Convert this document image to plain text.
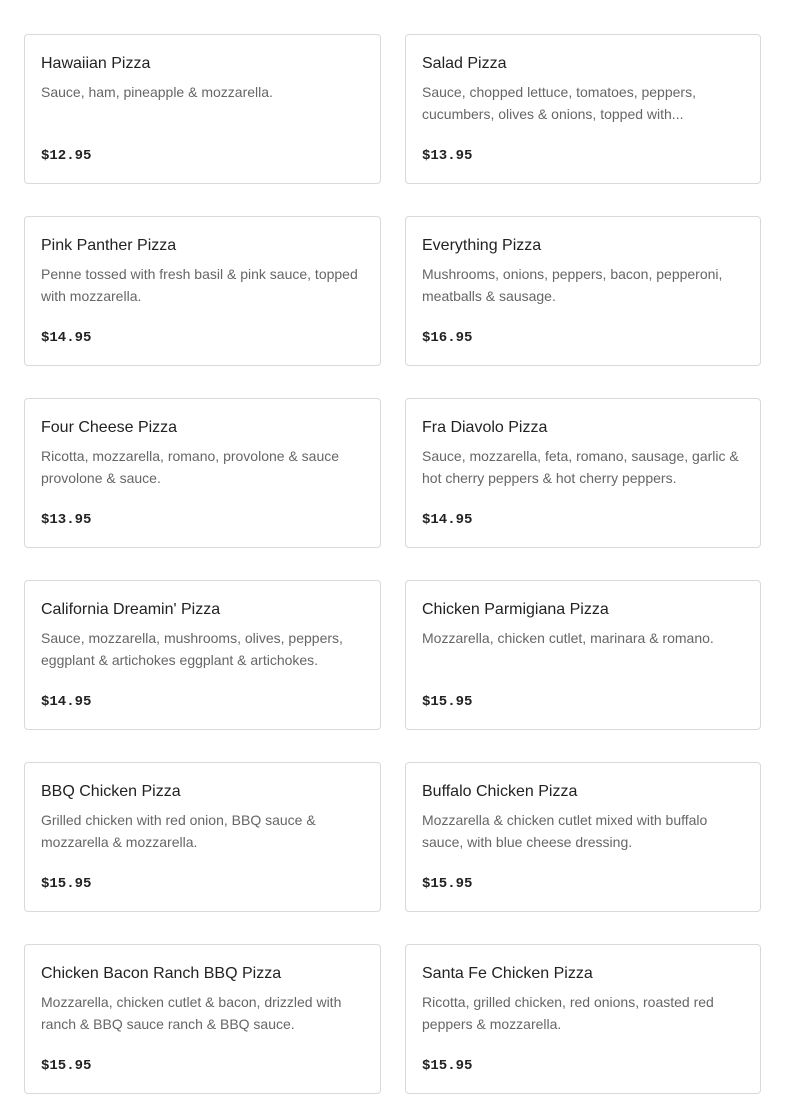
Hawaiian Pizza
Sauce, ham, pineapple & mozzarella.
$12.95
Salad Pizza
Sauce, chopped lettuce, tomatoes, peppers, cucumbers, olives & onions, topped with...
$13.95
Pink Panther Pizza
Penne tossed with fresh basil & pink sauce, topped with mozzarella.
$14.95
Everything Pizza
Mushrooms, onions, peppers, bacon, pepperoni, meatballs & sausage.
$16.95
Four Cheese Pizza
Ricotta, mozzarella, romano, provolone & sauce provolone & sauce.
$13.95
Fra Diavolo Pizza
Sauce, mozzarella, feta, romano, sausage, garlic & hot cherry peppers & hot cherry peppers.
$14.95
California Dreamin' Pizza
Sauce, mozzarella, mushrooms, olives, peppers, eggplant & artichokes eggplant & artichokes.
$14.95
Chicken Parmigiana Pizza
Mozzarella, chicken cutlet, marinara & romano.
$15.95
BBQ Chicken Pizza
Grilled chicken with red onion, BBQ sauce & mozzarella & mozzarella.
$15.95
Buffalo Chicken Pizza
Mozzarella & chicken cutlet mixed with buffalo sauce, with blue cheese dressing.
$15.95
Chicken Bacon Ranch BBQ Pizza
Mozzarella, chicken cutlet & bacon, drizzled with ranch & BBQ sauce ranch & BBQ sauce.
$15.95
Santa Fe Chicken Pizza
Ricotta, grilled chicken, red onions, roasted red peppers & mozzarella.
$15.95
